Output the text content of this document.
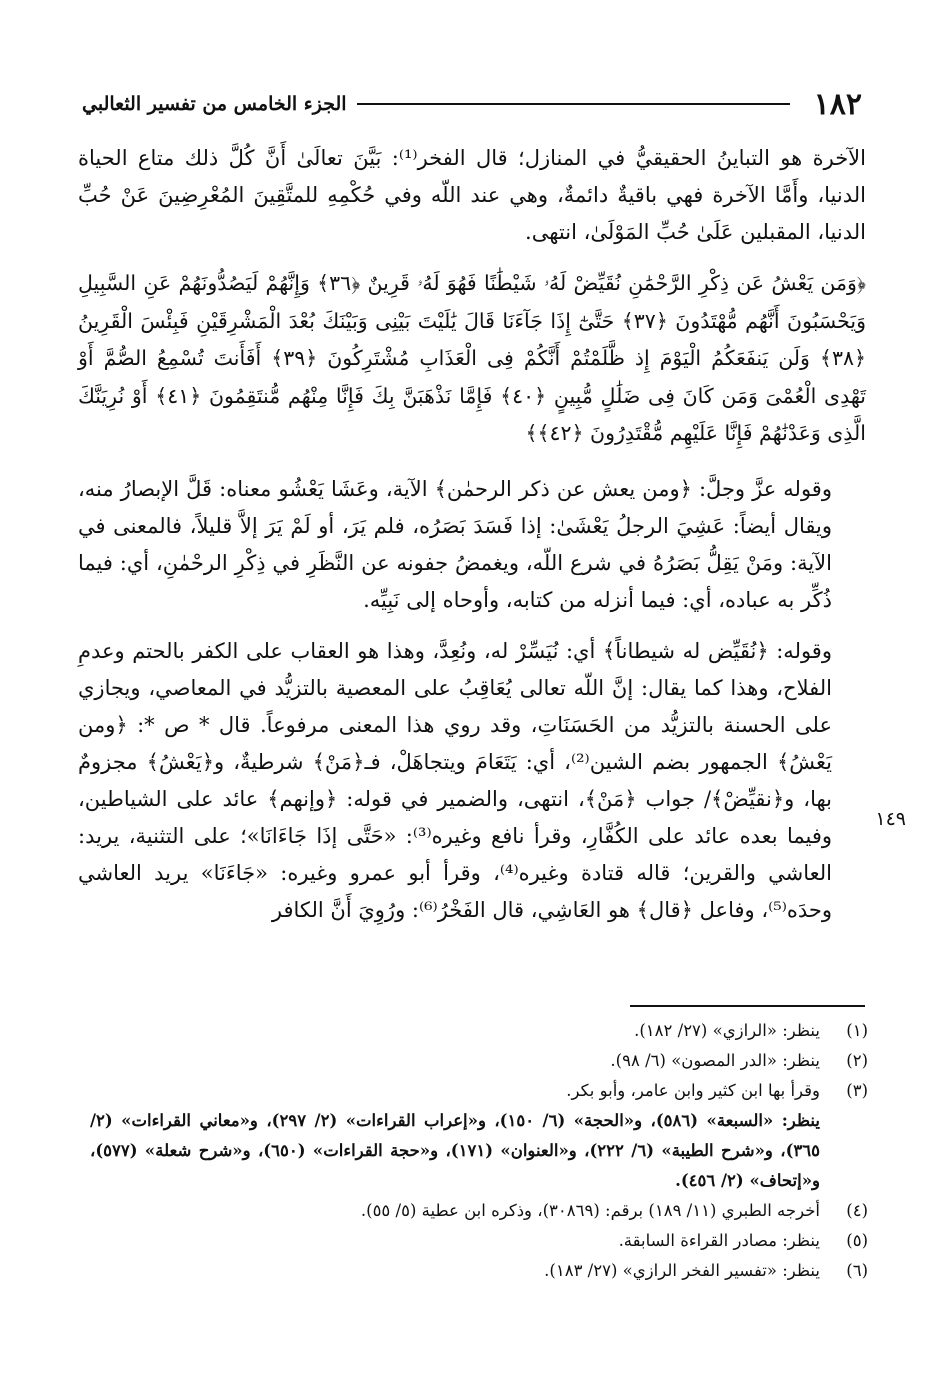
١٨٢
الجزء الخامس من تفسير الثعالبي

الآخرة هو التباينُ الحقيقيُّ في المنازل؛ قال الفخر⁽¹⁾: بَيَّنَ تعالَىٰ أَنَّ كُلَّ ذلك متاع الحياة الدنيا، وأَمَّا الآخرة فهي باقيةٌ دائمةٌ، وهي عند اللّه وفي حُكْمِهِ للمتَّقِينَ المُعْرِضِينَ عَنْ حُبِّ الدنيا، المقبلين عَلَىٰ حُبِّ المَوْلَىٰ، انتهى.

﴿وَمَن يَعْشُ عَن ذِكْرِ الرَّحْمَٰنِ نُقَيِّضْ لَهُۥ شَيْطَٰنًا فَهُوَ لَهُۥ قَرِينٌ ﴿٣٦﴾ وَإِنَّهُمْ لَيَصُدُّونَهُمْ عَنِ السَّبِيلِ وَيَحْسَبُونَ أَنَّهُم مُّهْتَدُونَ ﴿٣٧﴾ حَتَّىٰٓ إِذَا جَآءَنَا قَالَ يَٰلَيْتَ بَيْنِى وَبَيْنَكَ بُعْدَ الْمَشْرِقَيْنِ فَبِئْسَ الْقَرِينُ ﴿٣٨﴾ وَلَن يَنفَعَكُمُ الْيَوْمَ إِذ ظَّلَمْتُمْ أَنَّكُمْ فِى الْعَذَابِ مُشْتَرِكُونَ ﴿٣٩﴾ أَفَأَنتَ تُسْمِعُ الصُّمَّ أَوْ تَهْدِى الْعُمْىَ وَمَن كَانَ فِى ضَلَٰلٍ مُّبِينٍ ﴿٤٠﴾ فَإِمَّا نَذْهَبَنَّ بِكَ فَإِنَّا مِنْهُم مُّنتَقِمُونَ ﴿٤١﴾ أَوْ نُرِيَنَّكَ الَّذِى وَعَدْنَٰهُمْ فَإِنَّا عَلَيْهِم مُّقْتَدِرُونَ ﴿٤٢﴾﴾

وقوله عزَّ وجلَّ: ﴿ومن يعش عن ذكر الرحمٰن﴾ الآية، وعَشَا يَعْشُو معناه: قَلَّ الإبصارُ منه، ويقال أيضاً: عَشِيَ الرجلُ يَعْشَىٰ: إذا فَسَدَ بَصَرُه، فلم يَرَ، أو لَمْ يَرَ إلاَّ قليلاً، فالمعنى في الآية: ومَنْ يَقِلُّ بَصَرُهُ في شرع اللّه، ويغمضُ جفونه عن النَّظَرِ في ذِكْرِ الرحْمٰنِ، أي: فيما ذُكِّر به عباده، أي: فيما أنزله من كتابه، وأوحاه إلى نَبِيِّه.

وقوله: ﴿نُقَيِّض له شيطاناً﴾ أي: نُيَسِّرْ له، ونُعِدَّ، وهذا هو العقاب على الكفر بالحتم وعدمِ الفلاح، وهذا كما يقال: إنَّ اللّه تعالى يُعَاقِبُ على المعصية بالتزيُّد في المعاصي، ويجازي على الحسنة بالتزيُّد من الحَسَنَاتِ، وقد روي هذا المعنى مرفوعاً. قال * ص *: ﴿ومن يَعْشُ﴾ الجمهور بضم الشين⁽²⁾، أي: يَتَعَامَ ويتجاهَلْ، فـ﴿مَنْ﴾ شرطيةٌ، و﴿يَعْشُ﴾ مجزومٌ بها، و﴿نقيِّضْ﴾/ جواب ﴿مَنْ﴾، انتهى، والضمير في قوله: ﴿وإنهم﴾ عائد على الشياطين، وفيما بعده عائد على الكُفَّارِ، وقرأ نافع وغيره⁽³⁾: «حَتَّى إذَا جَاءَانَا»؛ على التثنية، يريد: العاشي والقرين؛ قاله قتادة وغيره⁽⁴⁾، وقرأ أبو عمرو وغيره: «جَاءَنَا» يريد العاشي وحدَه⁽⁵⁾، وفاعل ﴿قال﴾ هو العَاشِي، قال الفَخْرُ⁽⁶⁾: ورُوِيَ أَنَّ الكافر

١٤٩
(١)
ينظر: «الرازي» (٢٧/ ١٨٢).
(٢)
ينظر: «الدر المصون» (٦/ ٩٨).
(٣)
وقرأ بها ابن كثير وابن عامر، وأبو بكر.
ينظر: «السبعة» (٥٨٦)، و«الحجة» (٦/ ١٥٠)، و«إعراب القراءات» (٢/ ٢٩٧)، و«معاني القراءات» (٢/ ٣٦٥)، و«شرح الطيبة» (٦/ ٢٢٢)، و«العنوان» (١٧١)، و«حجة القراءات» (٦٥٠)، و«شرح شعلة» (٥٧٧)، و«إتحاف» (٢/ ٤٥٦).
(٤)
أخرجه الطبري (١١/ ١٨٩) برقم: (٣٠٨٦٩)، وذكره ابن عطية (٥/ ٥٥).
(٥)
ينظر: مصادر القراءة السابقة.
(٦)
ينظر: «تفسير الفخر الرازي» (٢٧/ ١٨٣).
